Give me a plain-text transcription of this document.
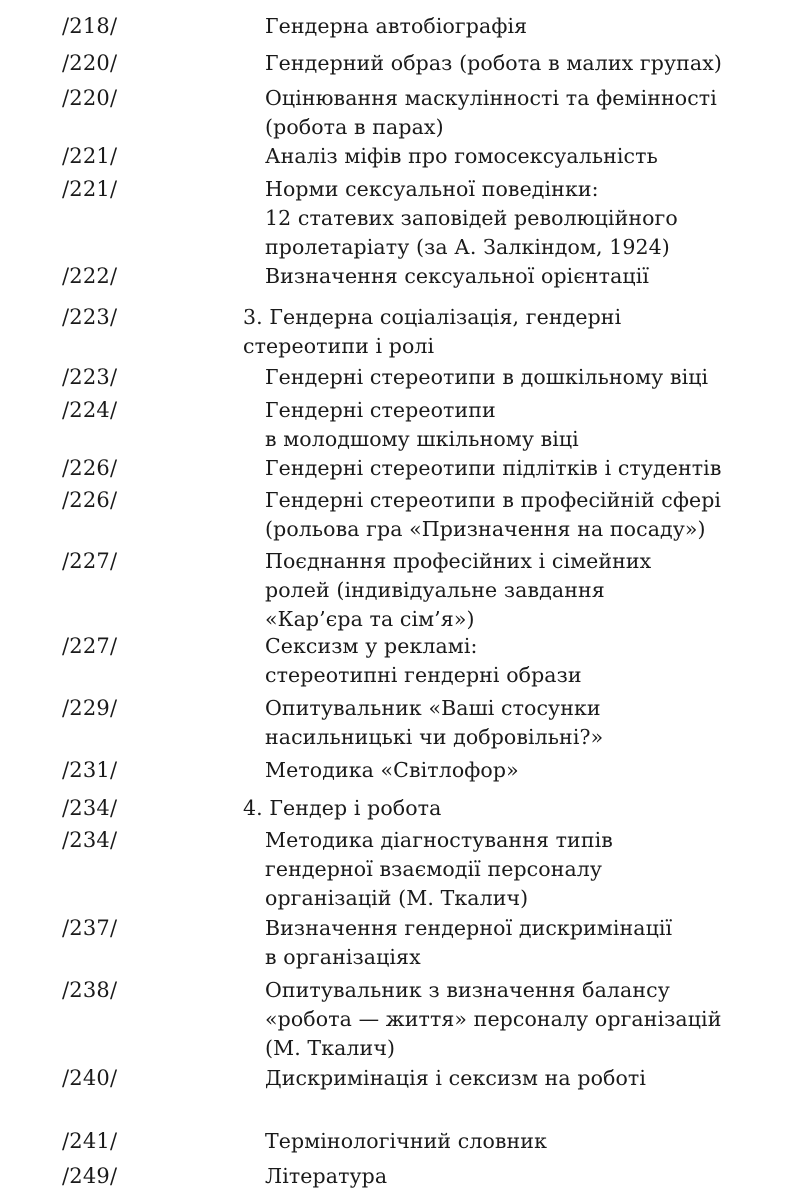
/218/	Гендерна автобіографія
/220/	Гендерний образ (робота в малих групах)
/220/	Оцінювання маскулінності та фемінності
(робота в парах)
/221/	Аналіз міфів про гомосексуальність
/221/	Норми сексуальної поведінки:
12 статевих заповідей революційного
пролетаріату (за А. Залкіндом, 1924)
/222/	Визначення сексуальної орієнтації
/223/	3. Гендерна соціалізація, гендерні
стереотипи і ролі
/223/	Гендерні стереотипи в дошкільному віці
/224/	Гендерні стереотипи
в молодшому шкільному віці
/226/	Гендерні стереотипи підлітків і студентів
/226/	Гендерні стереотипи в професійній сфері
(рольова гра «Призначення на посаду»)
/227/	Поєднання професійних і сімейних
ролей (індивідуальне завдання
«Кар’єра та сім’я»)
/227/	Сексизм у рекламі:
стереотипні гендерні образи
/229/	Опитувальник «Ваші стосунки
насильницькі чи добровільні?»
/231/	Методика «Світлофор»
/234/	4. Гендер і робота
/234/	Методика діагностування типів
гендерної взаємодії персоналу
організацій (М. Ткалич)
/237/	Визначення гендерної дискримінації
в організаціях
/238/	Опитувальник з визначення балансу
«робота — життя» персоналу організацій
(М. Ткалич)
/240/	Дискримінація і сексизм на роботі
/241/	Термінологічний словник
/249/	Література
